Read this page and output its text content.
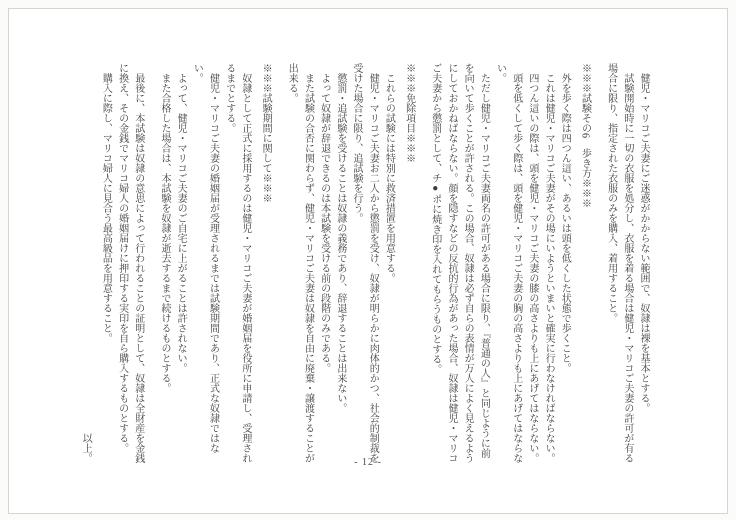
健児・マリコご夫妻にご迷惑がかからない範囲で、奴隷は裸を基本とする。

試験開始時に一切の衣服を処分し、衣服を着る場合は健児・マリコご夫妻の許可が有る場合に限り、指定された衣服のみを購入、着用すること。

※※※試験その6　歩き方※※※

外を歩く際は四つん這い、あるいは頭を低くした状態で歩くこと。

これは健児・マリコご夫妻がその場にいようといまいと確実に行わなければならない。

四つん這いの際は、頭を健児・マリコご夫妻の膝の高さよりも上にあげてはならない。

頭を低くして歩く際は、頭を健児・マリコご夫妻の胸の高さよりも上にあげてはならない。

ただし健児・マリコご夫妻両名の許可がある場合に限り、『普通の人』と同じように前を向いて歩くことが許される。この場合、奴隷は必ず自らの表情が万人によく見えるようにしておかねばならない。顔を隠すなどの反抗的行為があった場合、奴隷は健児・マリコご夫妻から懲罰として、チ●ポに焼き印を入れてもらうものとする。

※※※免除項目※※※

これらの試験には特別に救済措置を用意する。

健児・マリコご夫妻お二人から懲罰を受け、奴隷が明らかに肉体的かつ、社会的制裁を受けた場合に限り、追試験を行う。

懲罰・追試験を受けることは奴隷の義務であり、辞退することは出来ない。

よって奴隷が辞退できるのは本試験を受ける前の段階のみである。

また試験の合否に関わらず、健児・マリコご夫妻は奴隷を自由に廃棄・譲渡することが出来る。

※※※試験期間に関して※※※

奴隷として正式に採用するのは健児・マリコご夫妻が婚姻届を役所に申請し、受理されるまでとする。

健児・マリコご夫妻の婚姻届が受理されるまでは試験期間であり、正式な奴隷ではない。

よって、健児・マリコご夫妻のご自宅に上がることは許されない。

また合格した場合は、本試験を奴隷が逝去するまで続けるものとする。

最後に、本試験は奴隷の意思によって行われることの証明として、奴隷は全財産を金銭に換え、その金銭でマリコ婦人の婚姻届けに押印する実印を自ら購入するものとする。

購入に際し、マリコ婦人に見合う最高級品を用意すること。

以上。	- 12 -
